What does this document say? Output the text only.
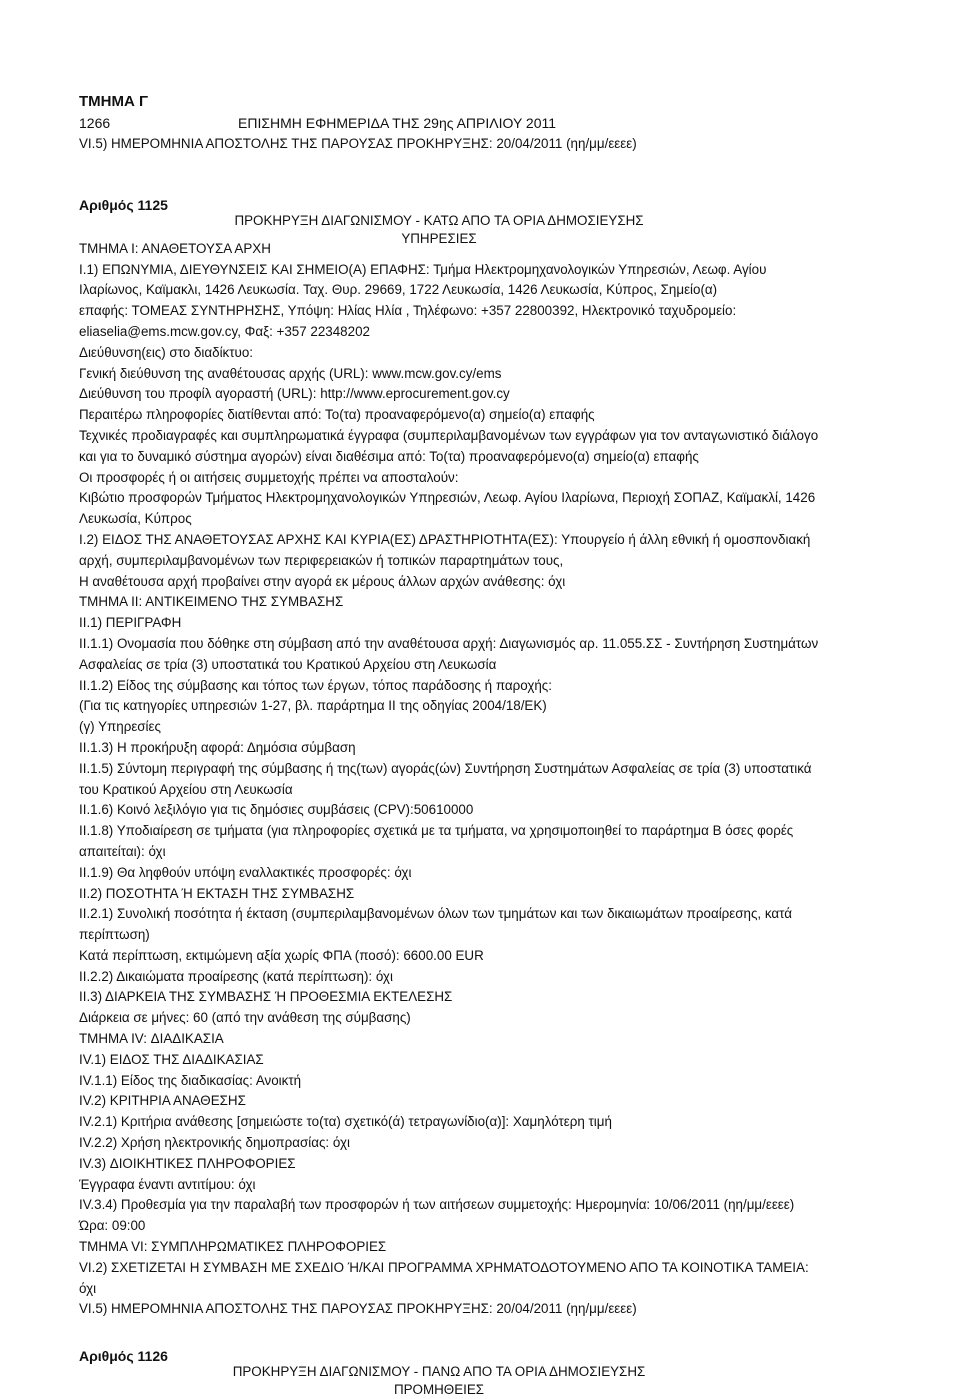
ΤΜΗΜΑ Γ
1266	ΕΠΙΣΗΜΗ ΕΦΗΜΕΡΙΔΑ ΤΗΣ 29ης ΑΠΡΙΛΙΟΥ 2011
VI.5) ΗΜΕΡΟΜΗΝΙΑ ΑΠΟΣΤΟΛΗΣ ΤΗΣ ΠΑΡΟΥΣΑΣ ΠΡΟΚΗΡΥΞΗΣ: 20/04/2011 (ηη/μμ/εεεε)
Αριθμός 1125
ΠΡΟΚΗΡΥΞΗ ΔΙΑΓΩΝΙΣΜΟΥ - ΚΑΤΩ ΑΠΟ ΤΑ ΟΡΙΑ ΔΗΜΟΣΙΕΥΣΗΣ
ΥΠΗΡΕΣΙΕΣ
ΤΜΗΜΑ Ι: ΑΝΑΘΕΤΟΥΣΑ ΑΡΧΗ
Ι.1) ΕΠΩΝΥΜΙΑ, ΔΙΕΥΘΥΝΣΕΙΣ ΚΑΙ ΣΗΜΕΙΟ(Α) ΕΠΑΦΗΣ: Τμήμα Ηλεκτρομηχανολογικών Υπηρεσιών, Λεωφ. Αγίου
Ιλαρίωνος, Καϊμακλι, 1426 Λευκωσία. Ταχ. Θυρ. 29669, 1722 Λευκωσία, 1426 Λευκωσία, Κύπρος, Σημείο(α)
επαφής: ΤΟΜΕΑΣ ΣΥΝΤΗΡΗΣΗΣ, Υπόψη: Ηλίας Ηλία , Τηλέφωνο: +357 22800392, Ηλεκτρονικό ταχυδρομείο:
eliaselia@ems.mcw.gov.cy, Φαξ: +357 22348202
Διεύθυνση(εις) στο διαδίκτυο:
Γενική διεύθυνση της αναθέτουσας αρχής (URL): www.mcw.gov.cy/ems
Διεύθυνση του προφίλ αγοραστή (URL): http://www.eprocurement.gov.cy
Περαιτέρω πληροφορίες διατίθενται από: Το(τα) προαναφερόμενο(α) σημείο(α) επαφής
Τεχνικές προδιαγραφές και συμπληρωματικά έγγραφα (συμπεριλαμβανομένων των εγγράφων για τον ανταγωνιστικό διάλογο
και για το δυναμικό σύστημα αγορών) είναι διαθέσιμα από: Το(τα) προαναφερόμενο(α) σημείο(α) επαφής
Οι προσφορές ή οι αιτήσεις συμμετοχής πρέπει να αποσταλούν:
Κιβώτιο προσφορών Τμήματος Ηλεκτρομηχανολογικών Υπηρεσιών, Λεωφ. Αγίου Ιλαρίωνα, Περιοχή ΣΟΠΑΖ, Καϊμακλί, 1426
Λευκωσία, Κύπρος
Ι.2) ΕΙΔΟΣ ΤΗΣ ΑΝΑΘΕΤΟΥΣΑΣ ΑΡΧΗΣ ΚΑΙ ΚΥΡΙΑ(ΕΣ) ΔΡΑΣΤΗΡΙΟΤΗΤΑ(ΕΣ): Υπουργείο ή άλλη εθνική ή ομοσπονδιακή
αρχή, συμπεριλαμβανομένων των περιφερειακών ή τοπικών παραρτημάτων τους,
Η αναθέτουσα αρχή προβαίνει στην αγορά εκ μέρους άλλων αρχών ανάθεσης: όχι
ΤΜΗΜΑ ΙΙ: ΑΝΤΙΚΕΙΜΕΝΟ ΤΗΣ ΣΥΜΒΑΣΗΣ
ΙΙ.1) ΠΕΡΙΓΡΑΦΗ
ΙΙ.1.1) Ονομασία που δόθηκε στη σύμβαση από την αναθέτουσα αρχή: Διαγωνισμός αρ. 11.055.ΣΣ - Συντήρηση Συστημάτων
Ασφαλείας σε τρία (3) υποστατικά του Κρατικού Αρχείου στη Λευκωσία
ΙΙ.1.2) Είδος της σύμβασης και τόπος των έργων, τόπος παράδοσης ή παροχής:
(Για τις κατηγορίες υπηρεσιών 1-27, βλ. παράρτημα ΙΙ της οδηγίας 2004/18/ΕΚ)
(γ) Υπηρεσίες
ΙΙ.1.3) Η προκήρυξη αφορά: Δημόσια σύμβαση
ΙΙ.1.5) Σύντομη περιγραφή της σύμβασης ή της(των) αγοράς(ών) Συντήρηση Συστημάτων Ασφαλείας σε τρία (3) υποστατικά
του Κρατικού Αρχείου στη Λευκωσία
ΙΙ.1.6) Κοινό λεξιλόγιο για τις δημόσιες συμβάσεις (CPV):50610000
ΙΙ.1.8) Υποδιαίρεση σε τμήματα (για πληροφορίες σχετικά με τα τμήματα, να χρησιμοποιηθεί το παράρτημα Β όσες φορές
απαιτείται): όχι
ΙΙ.1.9) Θα ληφθούν υπόψη εναλλακτικές προσφορές: όχι
ΙΙ.2) ΠΟΣΟΤΗΤΑ Ή ΕΚΤΑΣΗ ΤΗΣ ΣΥΜΒΑΣΗΣ
ΙΙ.2.1) Συνολική ποσότητα ή έκταση (συμπεριλαμβανομένων όλων των τμημάτων και των δικαιωμάτων προαίρεσης, κατά
περίπτωση)
Κατά περίπτωση, εκτιμώμενη αξία χωρίς ΦΠΑ (ποσό): 6600.00 EUR
ΙΙ.2.2) Δικαιώματα προαίρεσης (κατά περίπτωση): όχι
ΙΙ.3) ΔΙΑΡΚΕΙΑ ΤΗΣ ΣΥΜΒΑΣΗΣ Ή ΠΡΟΘΕΣΜΙΑ ΕΚΤΕΛΕΣΗΣ
Διάρκεια σε μήνες: 60 (από την ανάθεση της σύμβασης)
ΤΜΗΜΑ IV: ΔΙΑΔΙΚΑΣΙΑ
IV.1) ΕΙΔΟΣ ΤΗΣ ΔΙΑΔΙΚΑΣΙΑΣ
IV.1.1) Είδος της διαδικασίας: Ανοικτή
IV.2) ΚΡΙΤΗΡΙΑ ΑΝΑΘΕΣΗΣ
IV.2.1) Κριτήρια ανάθεσης [σημειώστε το(τα) σχετικό(ά) τετραγωνίδιο(α)]: Χαμηλότερη τιμή
IV.2.2) Χρήση ηλεκτρονικής δημοπρασίας: όχι
IV.3) ΔΙΟΙΚΗΤΙΚΕΣ ΠΛΗΡΟΦΟΡΙΕΣ
Έγγραφα έναντι αντιτίμου: όχι
IV.3.4) Προθεσμία για την παραλαβή των προσφορών ή των αιτήσεων συμμετοχής: Ημερομηνία: 10/06/2011 (ηη/μμ/εεεε)
Ώρα: 09:00
ΤΜΗΜΑ VI: ΣΥΜΠΛΗΡΩΜΑΤΙΚΕΣ ΠΛΗΡΟΦΟΡΙΕΣ
VI.2) ΣΧΕΤΙΖΕΤΑΙ Η ΣΥΜΒΑΣΗ ΜΕ ΣΧΕΔΙΟ Ή/ΚΑΙ ΠΡΟΓΡΑΜΜΑ ΧΡΗΜΑΤΟΔΟΤΟΥΜΕΝΟ ΑΠΟ ΤΑ ΚΟΙΝΟΤΙΚΑ ΤΑΜΕΙΑ:
όχι
VI.5) ΗΜΕΡΟΜΗΝΙΑ ΑΠΟΣΤΟΛΗΣ ΤΗΣ ΠΑΡΟΥΣΑΣ ΠΡΟΚΗΡΥΞΗΣ: 20/04/2011 (ηη/μμ/εεεε)
Αριθμός 1126
ΠΡΟΚΗΡΥΞΗ ΔΙΑΓΩΝΙΣΜΟΥ - ΠΑΝΩ ΑΠΟ ΤΑ ΟΡΙΑ ΔΗΜΟΣΙΕΥΣΗΣ
ΠΡΟΜΗΘΕΙΕΣ
